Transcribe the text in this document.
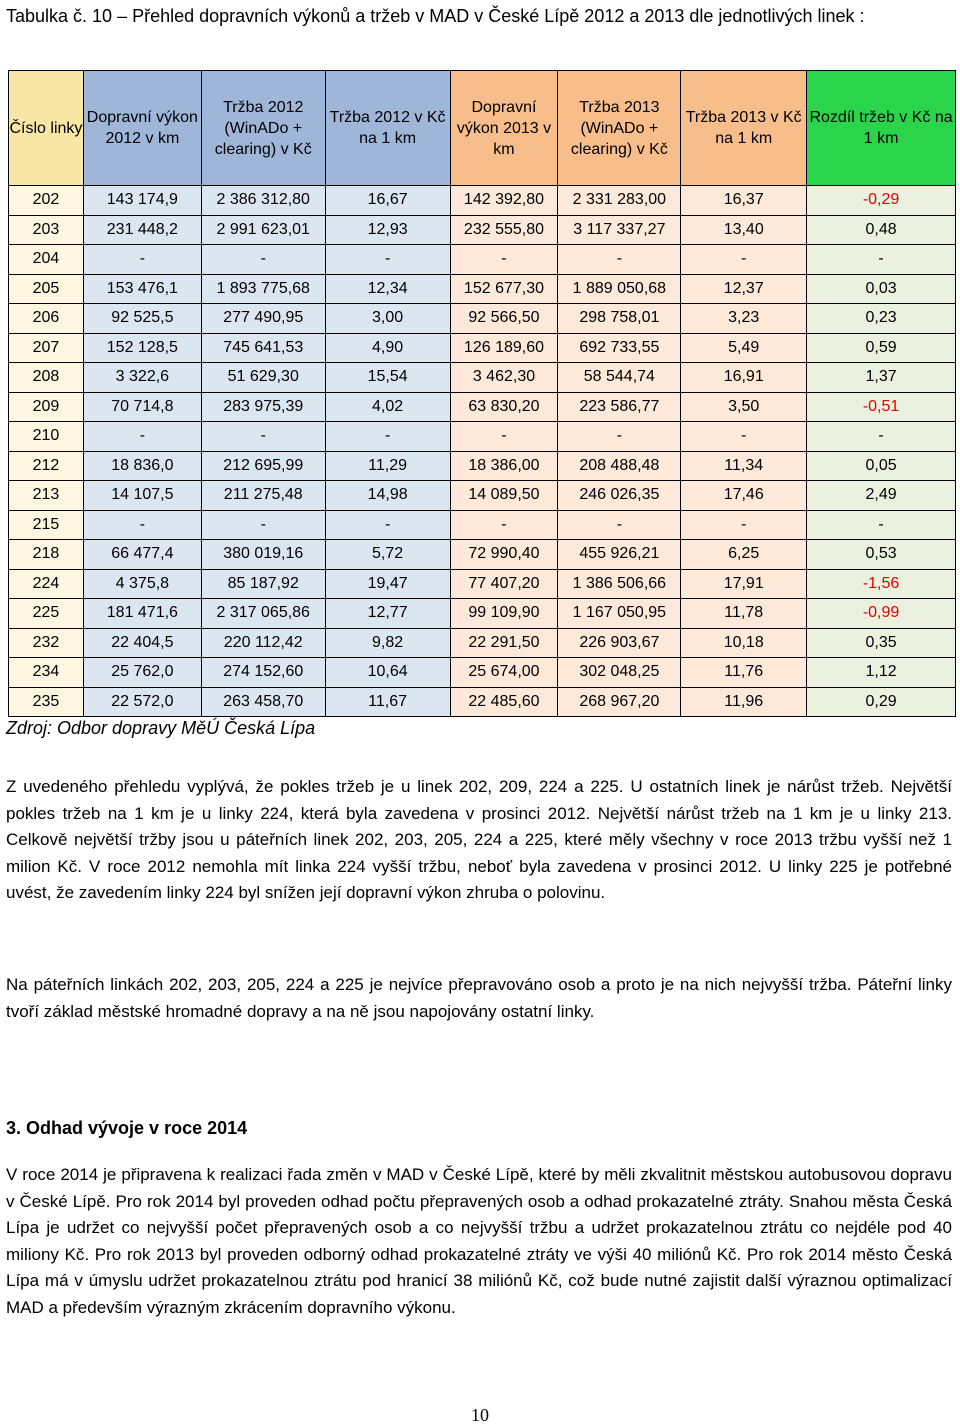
Tabulka č. 10 – Přehled dopravních výkonů a tržeb v MAD v České Lípě 2012 a 2013 dle jednotlivých linek :
Číslo linky	Dopravní výkon 2012 v km	Tržba 2012 (WinADo + clearing) v Kč	Tržba 2012 v Kč na 1 km	Dopravní výkon 2013 v km	Tržba 2013 (WinADo + clearing) v Kč	Tržba 2013 v Kč na 1 km	Rozdíl tržeb v Kč na 1 km
202	143 174,9	2 386 312,80	16,67	142 392,80	2 331 283,00	16,37	-0,29
203	231 448,2	2 991 623,01	12,93	232 555,80	3 117 337,27	13,40	0,48
204	-	-	-	-	-	-	-
205	153 476,1	1 893 775,68	12,34	152 677,30	1 889 050,68	12,37	0,03
206	92 525,5	277 490,95	3,00	92 566,50	298 758,01	3,23	0,23
207	152 128,5	745 641,53	4,90	126 189,60	692 733,55	5,49	0,59
208	3 322,6	51 629,30	15,54	3 462,30	58 544,74	16,91	1,37
209	70 714,8	283 975,39	4,02	63 830,20	223 586,77	3,50	-0,51
210	-	-	-	-	-	-	-
212	18 836,0	212 695,99	11,29	18 386,00	208 488,48	11,34	0,05
213	14 107,5	211 275,48	14,98	14 089,50	246 026,35	17,46	2,49
215	-	-	-	-	-	-	-
218	66 477,4	380 019,16	5,72	72 990,40	455 926,21	6,25	0,53
224	4 375,8	85 187,92	19,47	77 407,20	1 386 506,66	17,91	-1,56
225	181 471,6	2 317 065,86	12,77	99 109,90	1 167 050,95	11,78	-0,99
232	22 404,5	220 112,42	9,82	22 291,50	226 903,67	10,18	0,35
234	25 762,0	274 152,60	10,64	25 674,00	302 048,25	11,76	1,12
235	22 572,0	263 458,70	11,67	22 485,60	268 967,20	11,96	0,29
Zdroj: Odbor dopravy MěÚ Česká Lípa
Z uvedeného přehledu vyplývá, že pokles tržeb je u linek 202, 209, 224 a 225. U ostatních linek je nárůst tržeb. Největší pokles tržeb na 1 km je u linky 224, která byla zavedena v prosinci 2012. Největší nárůst tržeb na 1 km je u linky 213. Celkově největší tržby jsou u páteřních linek 202, 203, 205, 224 a 225, které měly všechny v roce 2013 tržbu vyšší než 1 milion Kč. V roce 2012 nemohla mít linka 224 vyšší tržbu, neboť byla zavedena v prosinci 2012. U linky 225 je potřebné uvést, že zavedením linky 224 byl snížen její dopravní výkon zhruba o polovinu.
Na páteřních linkách 202, 203, 205, 224 a 225 je nejvíce přepravováno osob a proto je na nich nejvyšší tržba. Páteřní linky tvoří základ městské hromadné dopravy a na ně jsou napojovány ostatní linky.
3. Odhad vývoje v roce 2014
V roce 2014 je připravena k realizaci řada změn v MAD v České Lípě, které by měli zkvalitnit městskou autobusovou dopravu v České Lípě. Pro rok 2014 byl proveden odhad počtu přepravených osob a odhad prokazatelné ztráty. Snahou města Česká Lípa je udržet co nejvyšší počet přepravených osob a co nejvyšší tržbu a udržet prokazatelnou ztrátu co nejdéle pod 40 miliony Kč. Pro rok 2013 byl proveden odborný odhad prokazatelné ztráty ve výši 40 miliónů Kč. Pro rok 2014 město Česká Lípa má v úmyslu udržet prokazatelnou ztrátu pod hranicí 38 miliónů Kč, což bude nutné zajistit další výraznou optimalizací MAD a především výrazným zkrácením dopravního výkonu.
10
